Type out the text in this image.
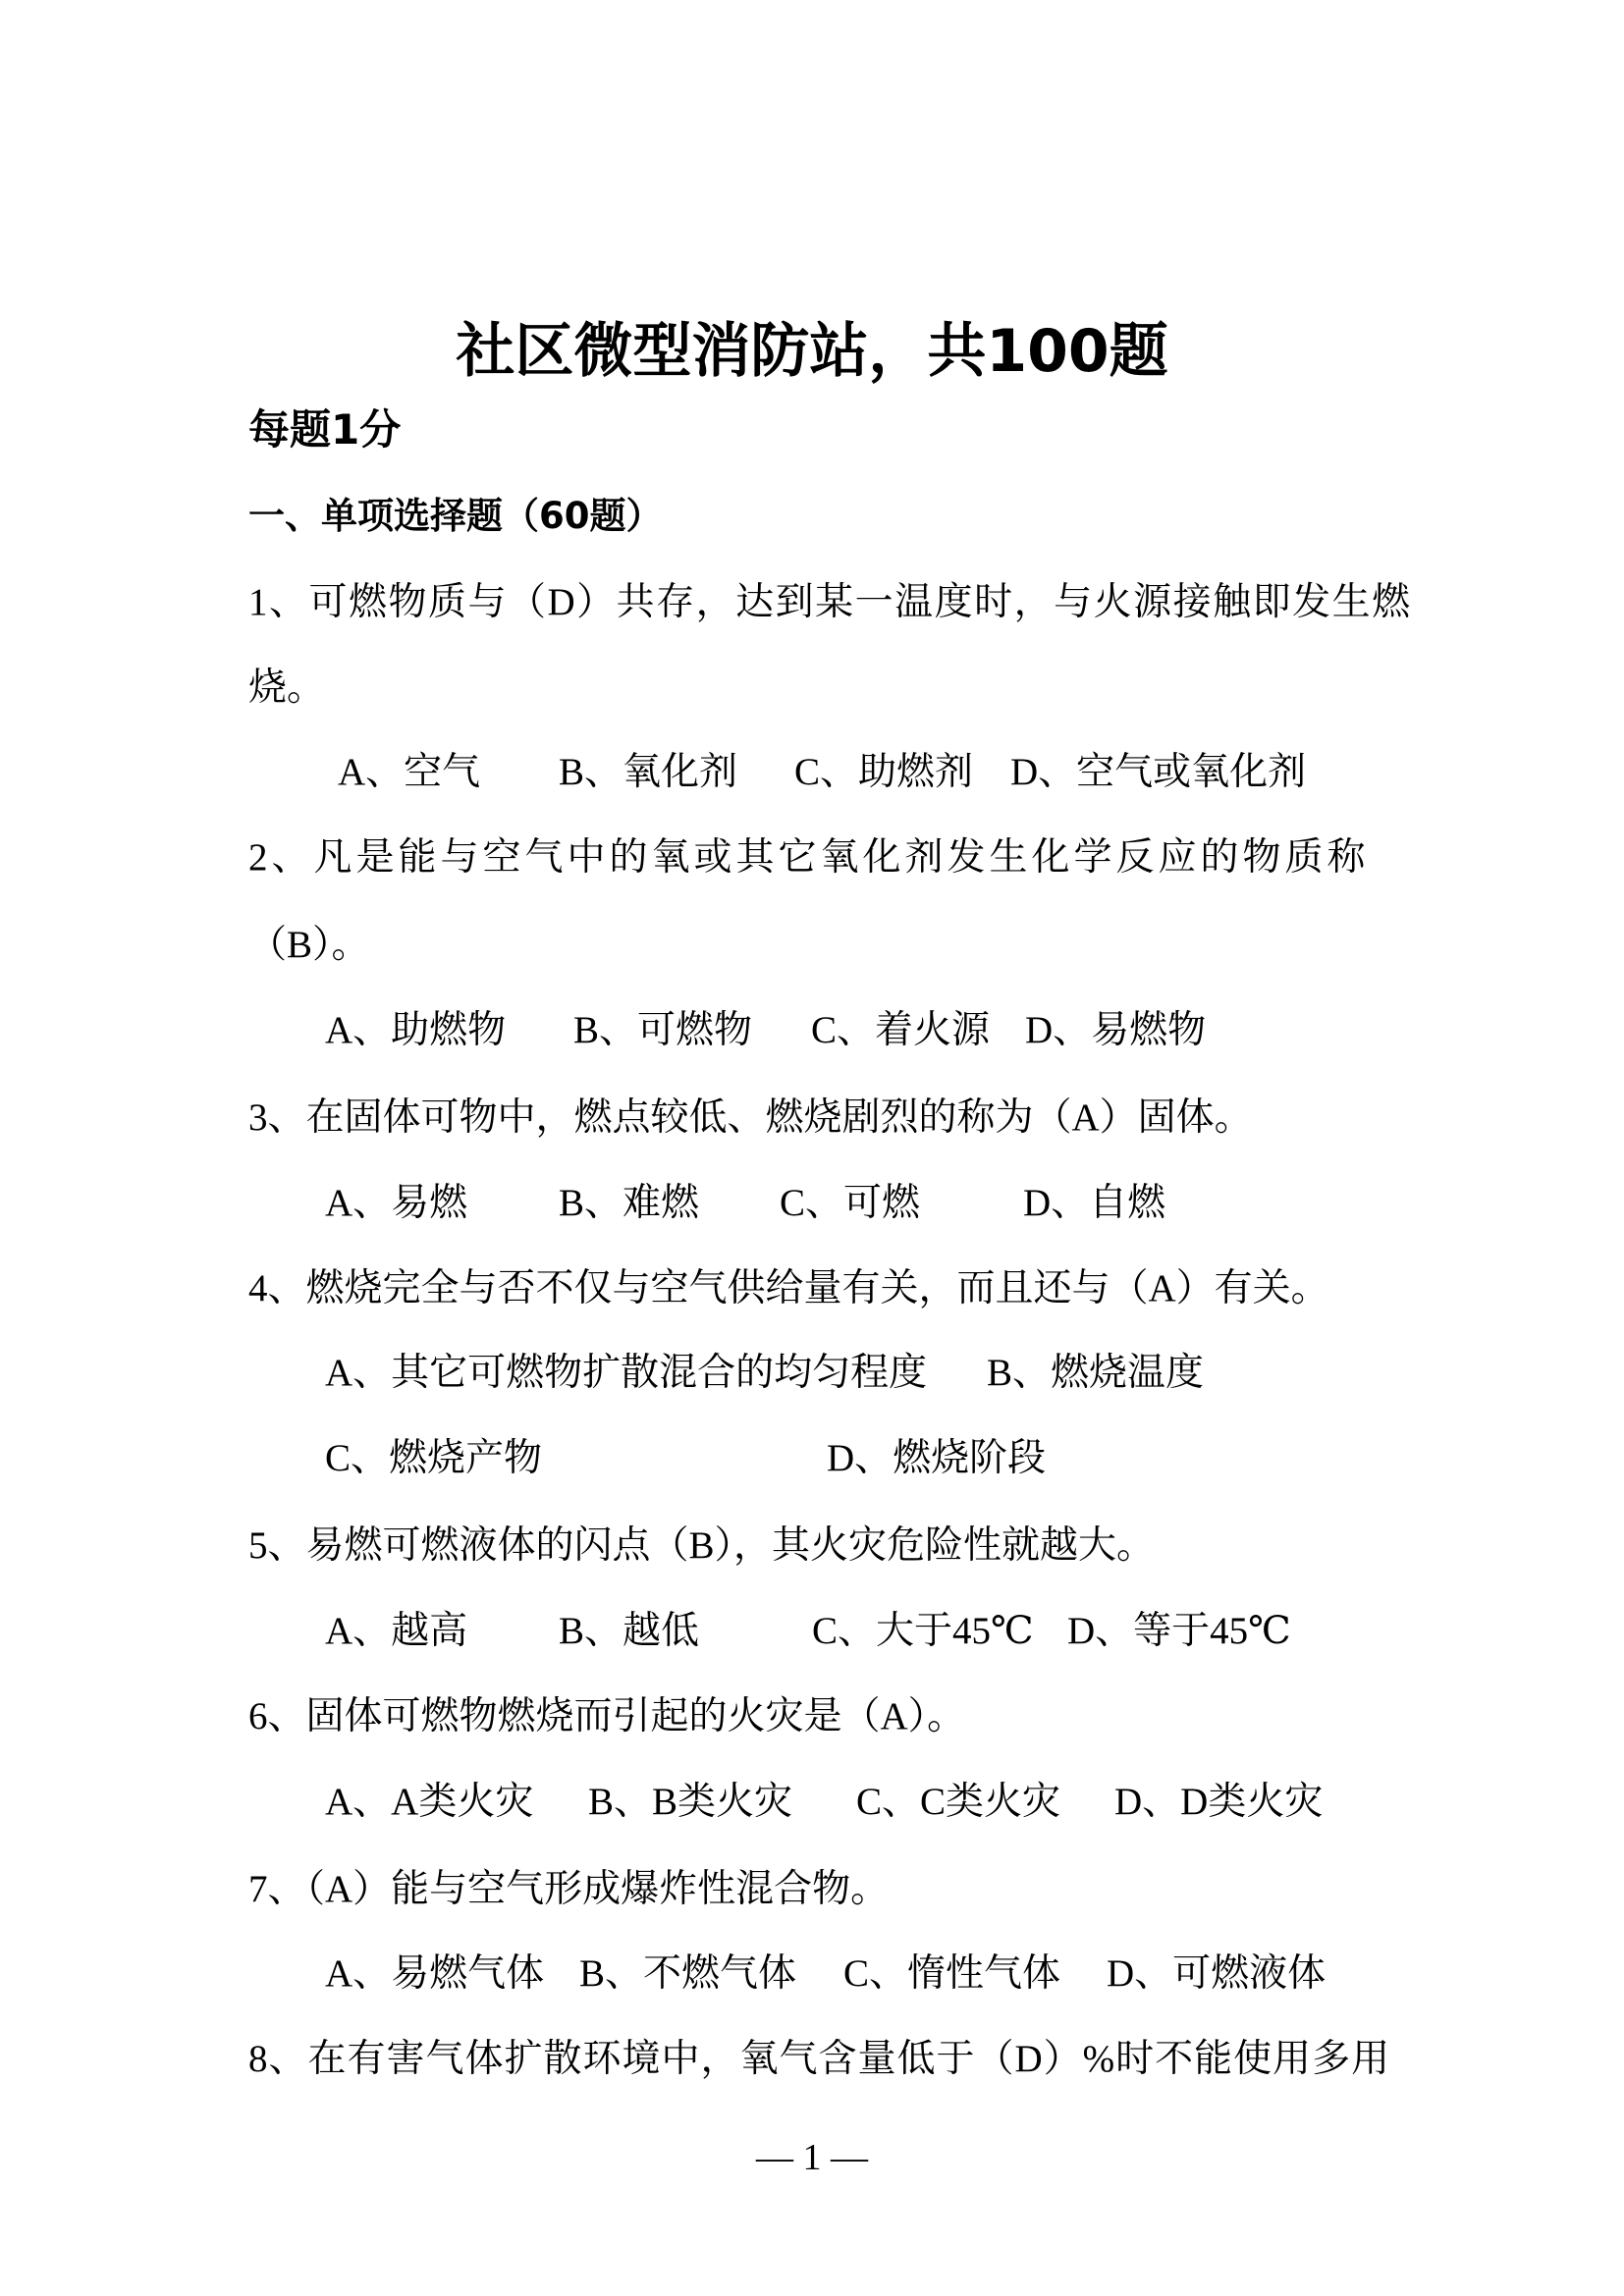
社区微型消防站，共100题
每题1分
一、单项选择题（60题）
1、可燃物质与（D）共存，达到某一温度时，与火源接触即发生燃
烧。
A、空气 B、氧化剂 C、助燃剂 D、空气或氧化剂
2、凡是能与空气中的氧或其它氧化剂发生化学反应的物质称
（B）。
A、助燃物 B、可燃物 C、着火源 D、易燃物
3、在固体可物中，燃点较低、燃烧剧烈的称为（A）固体。
A、易燃 B、难燃 C、可燃	D、自燃
4、燃烧完全与否不仅与空气供给量有关，而且还与（A）有关。
A、其它可燃物扩散混合的均匀程度 B、燃烧温度
C、燃烧产物	D、燃烧阶段
5、易燃可燃液体的闪点（B），其火灾危险性就越大。
A、越高 B、越低	C、大于45℃ D、等于45℃
6、固体可燃物燃烧而引起的火灾是（A）。
A、A类火灾 B、B类火灾 C、C类火灾 D、D类火灾
7、（A）能与空气形成爆炸性混合物。
A、易燃气体 B、不燃气体 C、惰性气体 D、可燃液体
8、在有害气体扩散环境中，氧气含量低于（D）%时不能使用多用
— 1 —
